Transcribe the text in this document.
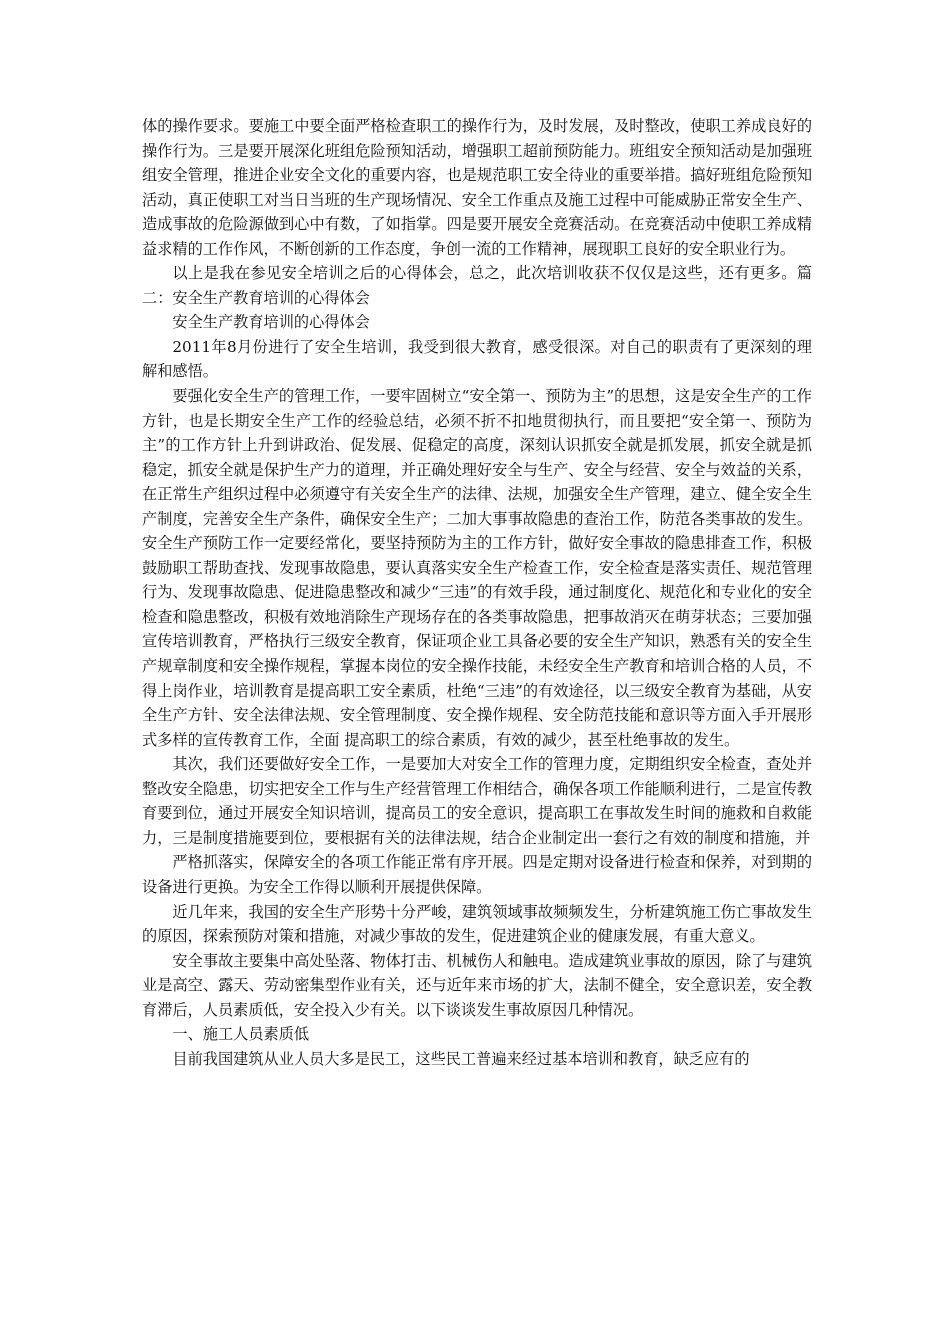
体的操作要求。要施工中要全面严格检查职工的操作行为，及时发展，及时整改，使职工养成良好的操作行为。三是要开展深化班组危险预知活动，增强职工超前预防能力。班组安全预知活动是加强班组安全管理，推进企业安全文化的重要内容，也是规范职工安全待业的重要举措。搞好班组危险预知活动，真正使职工对当日当班的生产现场情况、安全工作重点及施工过程中可能威胁正常安全生产、造成事故的危险源做到心中有数，了如指掌。四是要开展安全竞赛活动。在竞赛活动中使职工养成精益求精的工作作风，不断创新的工作态度，争创一流的工作精神，展现职工良好的安全职业行为。

以上是我在参见安全培训之后的心得体会，总之，此次培训收获不仅仅是这些，还有更多。篇二：安全生产教育培训的心得体会

安全生产教育培训的心得体会

2011年8月份进行了安全生培训，我受到很大教育，感受很深。对自己的职责有了更深刻的理解和感悟。

要强化安全生产的管理工作，一要牢固树立“安全第一、预防为主”的思想，这是安全生产的工作方针，也是长期安全生产工作的经验总结，必须不折不扣地贯彻执行，而且要把“安全第一、预防为主”的工作方针上升到讲政治、促发展、促稳定的高度，深刻认识抓安全就是抓发展，抓安全就是抓稳定，抓安全就是保护生产力的道理，并正确处理好安全与生产、安全与经营、安全与效益的关系，在正常生产组织过程中必须遵守有关安全生产的法律、法规，加强安全生产管理，建立、健全安全生产制度，完善安全生产条件，确保安全生产；二加大事事故隐患的查治工作，防范各类事故的发生。安全生产预防工作一定要经常化，要坚持预防为主的工作方针，做好安全事故的隐患排查工作，积极鼓励职工帮助查找、发现事故隐患，要认真落实安全生产检查工作，安全检查是落实责任、规范管理行为、发现事故隐患、促进隐患整改和减少“三违”的有效手段，通过制度化、规范化和专业化的安全检查和隐患整改，积极有效地消除生产现场存在的各类事故隐患，把事故消灭在萌芽状态；三要加强宣传培训教育，严格执行三级安全教育，保证项企业工具备必要的安全生产知识，熟悉有关的安全生产规章制度和安全操作规程，掌握本岗位的安全操作技能，未经安全生产教育和培训合格的人员，不得上岗作业，培训教育是提高职工安全素质，杜绝“三违”的有效途径，以三级安全教育为基础，从安全生产方针、安全法律法规、安全管理制度、安全操作规程、安全防范技能和意识等方面入手开展形式多样的宣传教育工作，全面 提高职工的综合素质，有效的减少，甚至杜绝事故的发生。

其次，我们还要做好安全工作，一是要加大对安全工作的管理力度，定期组织安全检查，查处并整改安全隐患，切实把安全工作与生产经营管理工作相结合，确保各项工作能顺利进行，二是宣传教育要到位，通过开展安全知识培训，提高员工的安全意识，提高职工在事故发生时间的施救和自救能力，三是制度措施要到位，要根据有关的法律法规，结合企业制定出一套行之有效的制度和措施，并

严格抓落实，保障安全的各项工作能正常有序开展。四是定期对设备进行检查和保养，对到期的设备进行更换。为安全工作得以顺利开展提供保障。

近几年来，我国的安全生产形势十分严峻，建筑领域事故频频发生，分析建筑施工伤亡事故发生的原因，探索预防对策和措施，对减少事故的发生，促进建筑企业的健康发展，有重大意义。

安全事故主要集中高处坠落、物体打击、机械伤人和触电。造成建筑业事故的原因，除了与建筑业是高空、露天、劳动密集型作业有关，还与近年来市场的扩大，法制不健全，安全意识差，安全教育滞后，人员素质低，安全投入少有关。以下谈谈发生事故原因几种情况。

一、施工人员素质低

目前我国建筑从业人员大多是民工，这些民工普遍来经过基本培训和教育，缺乏应有的
